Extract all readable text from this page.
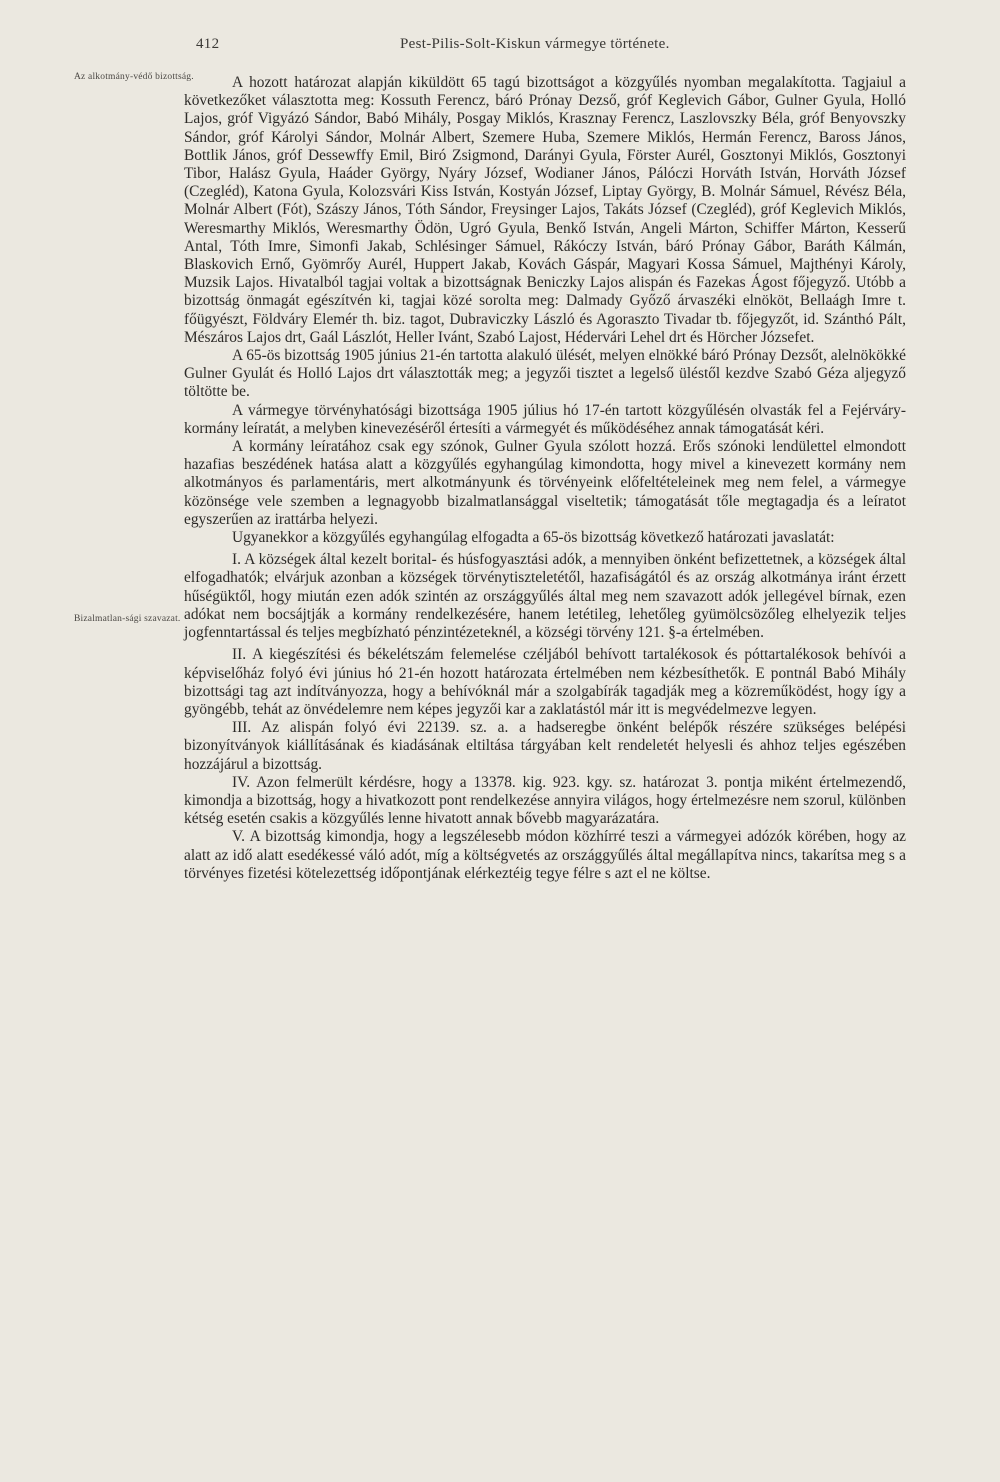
412	Pest-Pilis-Solt-Kiskun vármegye története.
Az alkotmány-védő bizottság.
Bizalmatlan-sági szavazat.

A hozott határozat alapján kiküldött 65 tagú bizottságot a közgyűlés nyomban megalakította. Tagjaiul a következőket választotta meg: Kossuth Ferencz, báró Prónay Dezső, gróf Keglevich Gábor, Gulner Gyula, Holló Lajos, gróf Vigyázó Sándor, Babó Mihály, Posgay Miklós, Krasznay Ferencz, Laszlovszky Béla, gróf Benyovszky Sándor, gróf Károlyi Sándor, Molnár Albert, Szemere Huba, Szemere Miklós, Hermán Ferencz, Baross János, Bottlik János, gróf Dessewffy Emil, Biró Zsigmond, Darányi Gyula, Förster Aurél, Gosztonyi Miklós, Gosztonyi Tibor, Halász Gyula, Haáder György, Nyáry József, Wodianer János, Pálóczi Horváth István, Horváth József (Czegléd), Katona Gyula, Kolozsvári Kiss István, Kostyán József, Liptay György, B. Molnár Sámuel, Révész Béla, Molnár Albert (Fót), Szászy János, Tóth Sándor, Freysinger Lajos, Takáts József (Czegléd), gróf Keglevich Miklós, Weresmarthy Miklós, Weresmarthy Ödön, Ugró Gyula, Benkő István, Angeli Márton, Schiffer Márton, Kesserű Antal, Tóth Imre, Simonfi Jakab, Schlésinger Sámuel, Rákóczy István, báró Prónay Gábor, Baráth Kálmán, Blaskovich Ernő, Gyömrőy Aurél, Huppert Jakab, Kovách Gáspár, Magyari Kossa Sámuel, Majthényi Károly, Muzsik Lajos. Hivatalból tagjai voltak a bizottságnak Beniczky Lajos alispán és Fazekas Ágost főjegyző. Utóbb a bizottság önmagát egészítvén ki, tagjai közé sorolta meg: Dalmady Győző árvaszéki elnököt, Bellaágh Imre t. főügyészt, Földváry Elemér th. biz. tagot, Dubraviczky László és Agoraszto Tivadar tb. főjegyzőt, id. Szánthó Pált, Mészáros Lajos drt, Gaál Lászlót, Heller Ivánt, Szabó Lajost, Hédervári Lehel drt és Hörcher Józsefet.

A 65-ös bizottság 1905 június 21-én tartotta alakuló ülését, melyen elnökké báró Prónay Dezsőt, alelnökökké Gulner Gyulát és Holló Lajos drt választották meg; a jegyzői tisztet a legelső üléstől kezdve Szabó Géza aljegyző töltötte be.

A vármegye törvényhatósági bizottsága 1905 július hó 17-én tartott közgyűlésén olvasták fel a Fejérváry-kormány leíratát, a melyben kinevezéséről értesíti a vármegyét és működéséhez annak támogatását kéri.

A kormány leíratához csak egy szónok, Gulner Gyula szólott hozzá. Erős szónoki lendülettel elmondott hazafias beszédének hatása alatt a közgyűlés egyhangúlag kimondotta, hogy mivel a kinevezett kormány nem alkotmányos és parlamentáris, mert alkotmányunk és törvényeink előfeltételeinek meg nem felel, a vármegye közönsége vele szemben a legnagyobb bizalmatlansággal viseltetik; támogatását tőle megtagadja és a leíratot egyszerűen az irattárba helyezi.

Ugyanekkor a közgyűlés egyhangúlag elfogadta a 65-ös bizottság következő határozati javaslatát:

I. A községek által kezelt borital- és húsfogyasztási adók, a mennyiben önként befizettetnek, a községek által elfogadhatók; elvárjuk azonban a községek törvénytiszteletétől, hazafiságától és az ország alkotmánya iránt érzett hűségüktől, hogy miután ezen adók szintén az országgyűlés által meg nem szavazott adók jellegével bírnak, ezen adókat nem bocsájtják a kormány rendelkezésére, hanem letétileg, lehetőleg gyümölcsözőleg elhelyezik teljes jogfenntartással és teljes megbízható pénzintézeteknél, a községi törvény 121. §-a értelmében.

II. A kiegészítési és békelétszám felemelése czéljából behívott tartalékosok és póttartalékosok behívói a képviselőház folyó évi június hó 21-én hozott határozata értelmében nem kézbesíthetők. E pontnál Babó Mihály bizottsági tag azt indítványozza, hogy a behívóknál már a szolgabírák tagadják meg a közreműködést, hogy így a gyöngébb, tehát az önvédelemre nem képes jegyzői kar a zaklatástól már itt is megvédelmezve legyen.

III. Az alispán folyó évi 22139. sz. a. a hadseregbe önként belépők részére szükséges belépési bizonyítványok kiállításának és kiadásának eltiltása tárgyában kelt rendeletét helyesli és ahhoz teljes egészében hozzájárul a bizottság.

IV. Azon felmerült kérdésre, hogy a 13378. kig. 923. kgy. sz. határozat 3. pontja miként értelmezendő, kimondja a bizottság, hogy a hivatkozott pont rendelkezése annyira világos, hogy értelmezésre nem szorul, különben kétség esetén csakis a közgyűlés lenne hivatott annak bővebb magyarázatára.

V. A bizottság kimondja, hogy a legszélesebb módon közhírré teszi a vármegyei adózók körében, hogy az alatt az idő alatt esedékessé váló adót, míg a költségvetés az országgyűlés által megállapítva nincs, takarítsa meg s a törvényes fizetési kötelezettség időpontjának elérkeztéig tegye félre s azt el ne költse.
